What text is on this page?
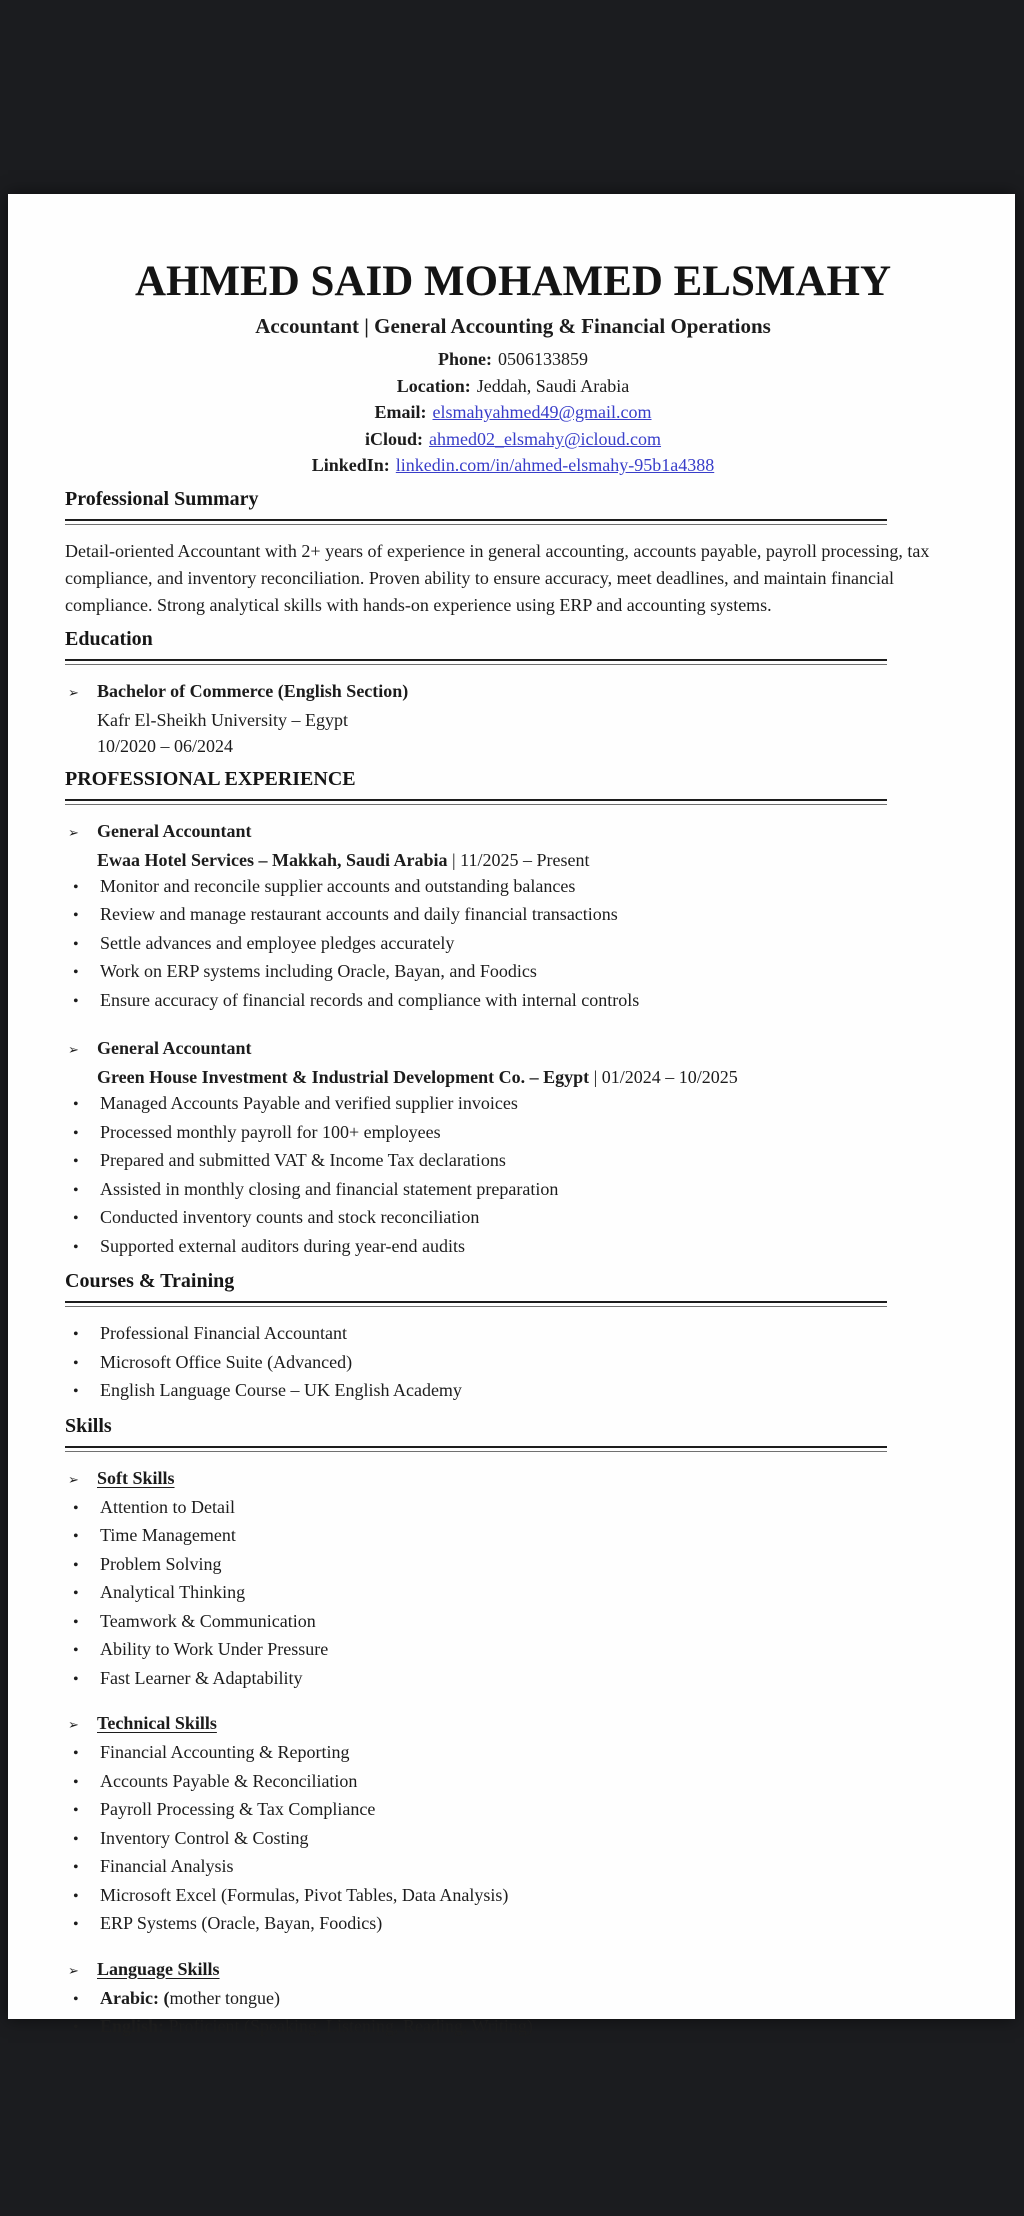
AHMED SAID MOHAMED ELSMAHY
Accountant | General Accounting & Financial Operations
Phone: 0506133859
Location: Jeddah, Saudi Arabia
Email: elsmahyahmed49@gmail.com
iCloud: ahmed02_elsmahy@icloud.com
LinkedIn: linkedin.com/in/ahmed-elsmahy-95b1a4388
Professional Summary

Detail-oriented Accountant with 2+ years of experience in general accounting, accounts payable, payroll processing, tax compliance, and inventory reconciliation. Proven ability to ensure accuracy, meet deadlines, and maintain financial compliance. Strong analytical skills with hands-on experience using ERP and accounting systems.

Education
➢	Bachelor of Commerce (English Section)
Kafr El-Sheikh University – Egypt
10/2020 – 06/2024
PROFESSIONAL EXPERIENCE
➢	General Accountant
Ewaa Hotel Services – Makkah, Saudi Arabia | 11/2025 – Present
•	Monitor and reconcile supplier accounts and outstanding balances
•	Review and manage restaurant accounts and daily financial transactions
•	Settle advances and employee pledges accurately
•	Work on ERP systems including Oracle, Bayan, and Foodics
•	Ensure accuracy of financial records and compliance with internal controls
➢	General Accountant
Green House Investment & Industrial Development Co. – Egypt | 01/2024 – 10/2025
•	Managed Accounts Payable and verified supplier invoices
•	Processed monthly payroll for 100+ employees
•	Prepared and submitted VAT & Income Tax declarations
•	Assisted in monthly closing and financial statement preparation
•	Conducted inventory counts and stock reconciliation
•	Supported external auditors during year-end audits
Courses & Training
•	Professional Financial Accountant
•	Microsoft Office Suite (Advanced)
•	English Language Course – UK English Academy
Skills
➢	Soft Skills
•	Attention to Detail
•	Time Management
•	Problem Solving
•	Analytical Thinking
•	Teamwork & Communication
•	Ability to Work Under Pressure
•	Fast Learner & Adaptability
➢	Technical Skills
•	Financial Accounting & Reporting
•	Accounts Payable & Reconciliation
•	Payroll Processing & Tax Compliance
•	Inventory Control & Costing
•	Financial Analysis
•	Microsoft Excel (Formulas, Pivot Tables, Data Analysis)
•	ERP Systems (Oracle, Bayan, Foodics)
➢	Language Skills
•	Arabic: (mother tongue)
•	English: Proficient (Speaking, Listening, Reading, Writing)
